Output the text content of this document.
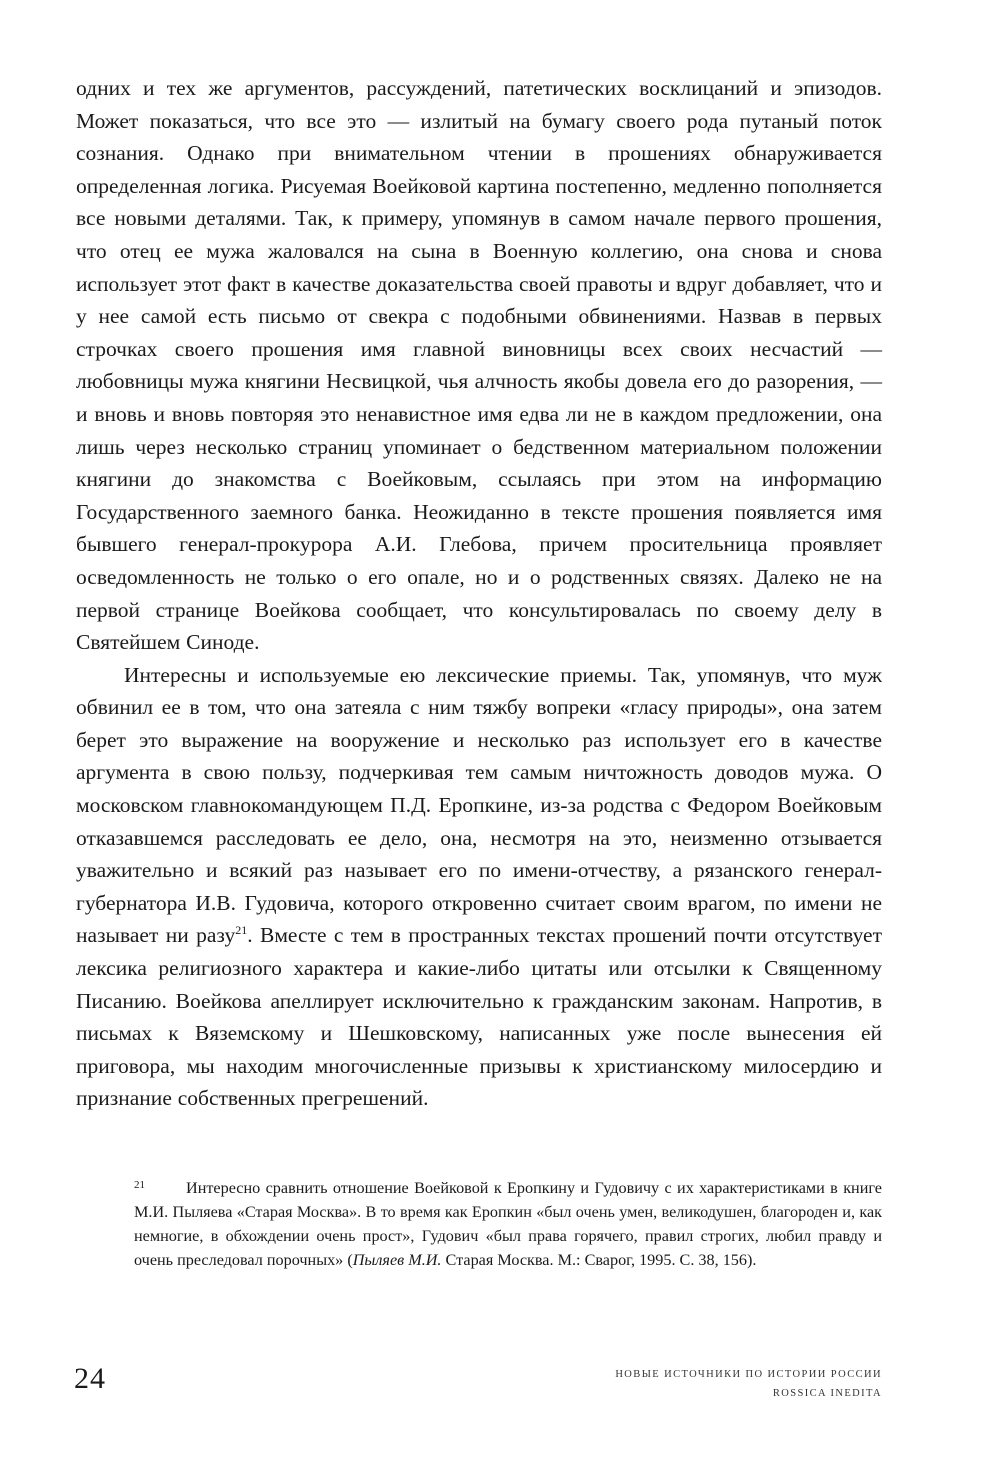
одних и тех же аргументов, рассуждений, патетических восклицаний и эпизодов. Может показаться, что все это — излитый на бумагу своего рода путаный поток сознания. Однако при внимательном чтении в прошениях обнаруживается определенная логика. Рисуемая Воейковой картина постепенно, медленно пополняется все новыми деталями. Так, к примеру, упомянув в самом начале первого прошения, что отец ее мужа жаловался на сына в Военную коллегию, она снова и снова использует этот факт в качестве доказательства своей правоты и вдруг добавляет, что и у нее самой есть письмо от свекра с подобными обвинениями. Назвав в первых строчках своего прошения имя главной виновницы всех своих несчастий — любовницы мужа княгини Несвицкой, чья алчность якобы довела его до разорения, — и вновь и вновь повторяя это ненавистное имя едва ли не в каждом предложении, она лишь через несколько страниц упоминает о бедственном материальном положении княгини до знакомства с Воейковым, ссылаясь при этом на информацию Государственного заемного банка. Неожиданно в тексте прошения появляется имя бывшего генерал-прокурора А.И. Глебова, причем просительница проявляет осведомленность не только о его опале, но и о родственных связях. Далеко не на первой странице Воейкова сообщает, что консультировалась по своему делу в Святейшем Синоде.

Интересны и используемые ею лексические приемы. Так, упомянув, что муж обвинил ее в том, что она затеяла с ним тяжбу вопреки «гласу природы», она затем берет это выражение на вооружение и несколько раз использует его в качестве аргумента в свою пользу, подчеркивая тем самым ничтожность доводов мужа. О московском главнокомандующем П.Д. Еропкине, из-за родства с Федором Воейковым отказавшемся расследовать ее дело, она, несмотря на это, неизменно отзывается уважительно и всякий раз называет его по имени-отчеству, а рязанского генерал-губернатора И.В. Гудовича, которого откровенно считает своим врагом, по имени не называет ни разу$^{21}$. Вместе с тем в пространных текстах прошений почти отсутствует лексика религиозного характера и какие-либо цитаты или отсылки к Священному Писанию. Воейкова апеллирует исключительно к гражданским законам. Напротив, в письмах к Вяземскому и Шешковскому, написанных уже после вынесения ей приговора, мы находим многочисленные призывы к христианскому милосердию и признание собственных прегрешений.

21	Интересно сравнить отношение Воейковой к Еропкину и Гудовичу с их характеристиками в книге М.И. Пыляева «Старая Москва». В то время как Еропкин «был очень умен, великодушен, благороден и, как немногие, в обхождении очень прост», Гудович «был права горячего, правил строгих, любил правду и очень преследовал порочных» (Пыляев М.И. Старая Москва. М.: Сварог, 1995. С. 38, 156).
24	НОВЫЕ ИСТОЧНИКИ ПО ИСТОРИИ РОССИИ
ROSSICA INEDITA
